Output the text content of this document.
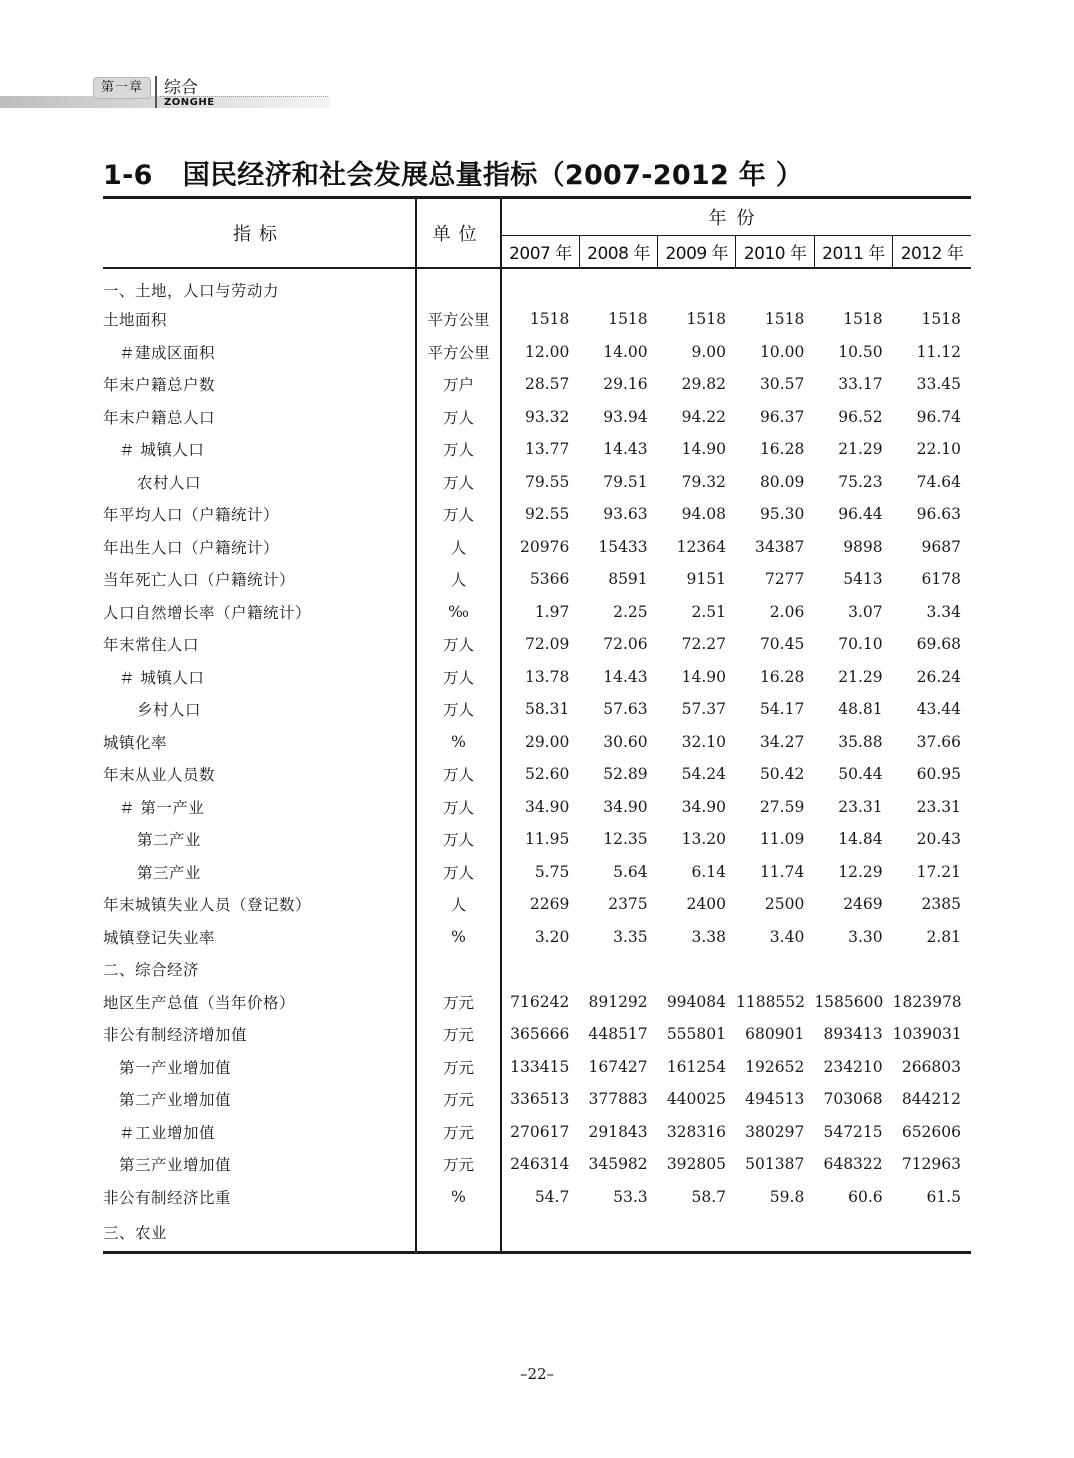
第一章	综合
ZONGHE
1-6 国民经济和社会发展总量指标（2007-2012 年 ）
指标	单位	年份					
		2007 年	2008 年	2009 年	2010 年	2011 年	2012 年
一、土地，人口与劳动力							
土地面积	平方公里	1518	1518	1518	1518	1518	1518
＃建成区面积	平方公里	12.00	14.00	9.00	10.00	10.50	11.12
年末户籍总户数	万户	28.57	29.16	29.82	30.57	33.17	33.45
年末户籍总人口	万人	93.32	93.94	94.22	96.37	96.52	96.74
＃ 城镇人口	万人	13.77	14.43	14.90	16.28	21.29	22.10
农村人口	万人	79.55	79.51	79.32	80.09	75.23	74.64
年平均人口（户籍统计）	万人	92.55	93.63	94.08	95.30	96.44	96.63
年出生人口（户籍统计）	人	20976	15433	12364	34387	9898	9687
当年死亡人口（户籍统计）	人	5366	8591	9151	7277	5413	6178
人口自然增长率（户籍统计）	‰	1.97	2.25	2.51	2.06	3.07	3.34
年末常住人口	万人	72.09	72.06	72.27	70.45	70.10	69.68
＃ 城镇人口	万人	13.78	14.43	14.90	16.28	21.29	26.24
乡村人口	万人	58.31	57.63	57.37	54.17	48.81	43.44
城镇化率	%	29.00	30.60	32.10	34.27	35.88	37.66
年末从业人员数	万人	52.60	52.89	54.24	50.42	50.44	60.95
＃ 第一产业	万人	34.90	34.90	34.90	27.59	23.31	23.31
第二产业	万人	11.95	12.35	13.20	11.09	14.84	20.43
第三产业	万人	5.75	5.64	6.14	11.74	12.29	17.21
年末城镇失业人员（登记数）	人	2269	2375	2400	2500	2469	2385
城镇登记失业率	%	3.20	3.35	3.38	3.40	3.30	2.81
二、综合经济							
地区生产总值（当年价格）	万元	716242	891292	994084	1188552	1585600	1823978
非公有制经济增加值	万元	365666	448517	555801	680901	893413	1039031
第一产业增加值	万元	133415	167427	161254	192652	234210	266803
第二产业增加值	万元	336513	377883	440025	494513	703068	844212
＃工业增加值	万元	270617	291843	328316	380297	547215	652606
第三产业增加值	万元	246314	345982	392805	501387	648322	712963
非公有制经济比重	%	54.7	53.3	58.7	59.8	60.6	61.5
三、农业							
–22–
